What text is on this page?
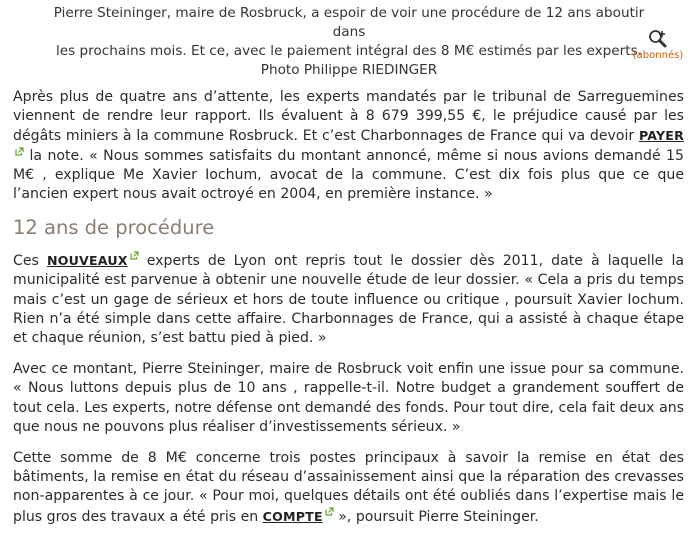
Pierre Steininger, maire de Rosbruck, a espoir de voir une procédure de 12 ans aboutir dans
les prochains mois. Et ce, avec le paiement intégral des 8 M€ estimés par les experts.
Photo Philippe RIEDINGER
(abonnés)

Après plus de quatre ans d’attente, les experts mandatés par le tribunal de Sarreguemines viennent de rendre leur rapport. Ils évaluent à 8 679 399,55 €, le préjudice causé par les dégâts miniers à la commune Rosbruck. Et c’est Charbonnages de France qui va devoir PAYER la note. « Nous sommes satisfaits du montant annoncé, même si nous avions demandé 15 M€ , explique Me Xavier Iochum, avocat de la commune. C’est dix fois plus que ce que l’ancien expert nous avait octroyé en 2004, en première instance. »

12 ans de procédure

Ces NOUVEAUX experts de Lyon ont repris tout le dossier dès 2011, date à laquelle la municipalité est parvenue à obtenir une nouvelle étude de leur dossier. « Cela a pris du temps mais c’est un gage de sérieux et hors de toute influence ou critique , poursuit Xavier Iochum. Rien n’a été simple dans cette affaire. Charbonnages de France, qui a assisté à chaque étape et chaque réunion, s’est battu pied à pied. »

Avec ce montant, Pierre Steininger, maire de Rosbruck voit enfin une issue pour sa commune. « Nous luttons depuis plus de 10 ans , rappelle-t-il. Notre budget a grandement souffert de tout cela. Les experts, notre défense ont demandé des fonds. Pour tout dire, cela fait deux ans que nous ne pouvons plus réaliser d’investissements sérieux. »

Cette somme de 8 M€ concerne trois postes principaux à savoir la remise en état des bâtiments, la remise en état du réseau d’assainissement ainsi que la réparation des crevasses non-apparentes à ce jour. « Pour moi, quelques détails ont été oubliés dans l’expertise mais le plus gros des travaux a été pris en COMPTE », poursuit Pierre Steininger.
